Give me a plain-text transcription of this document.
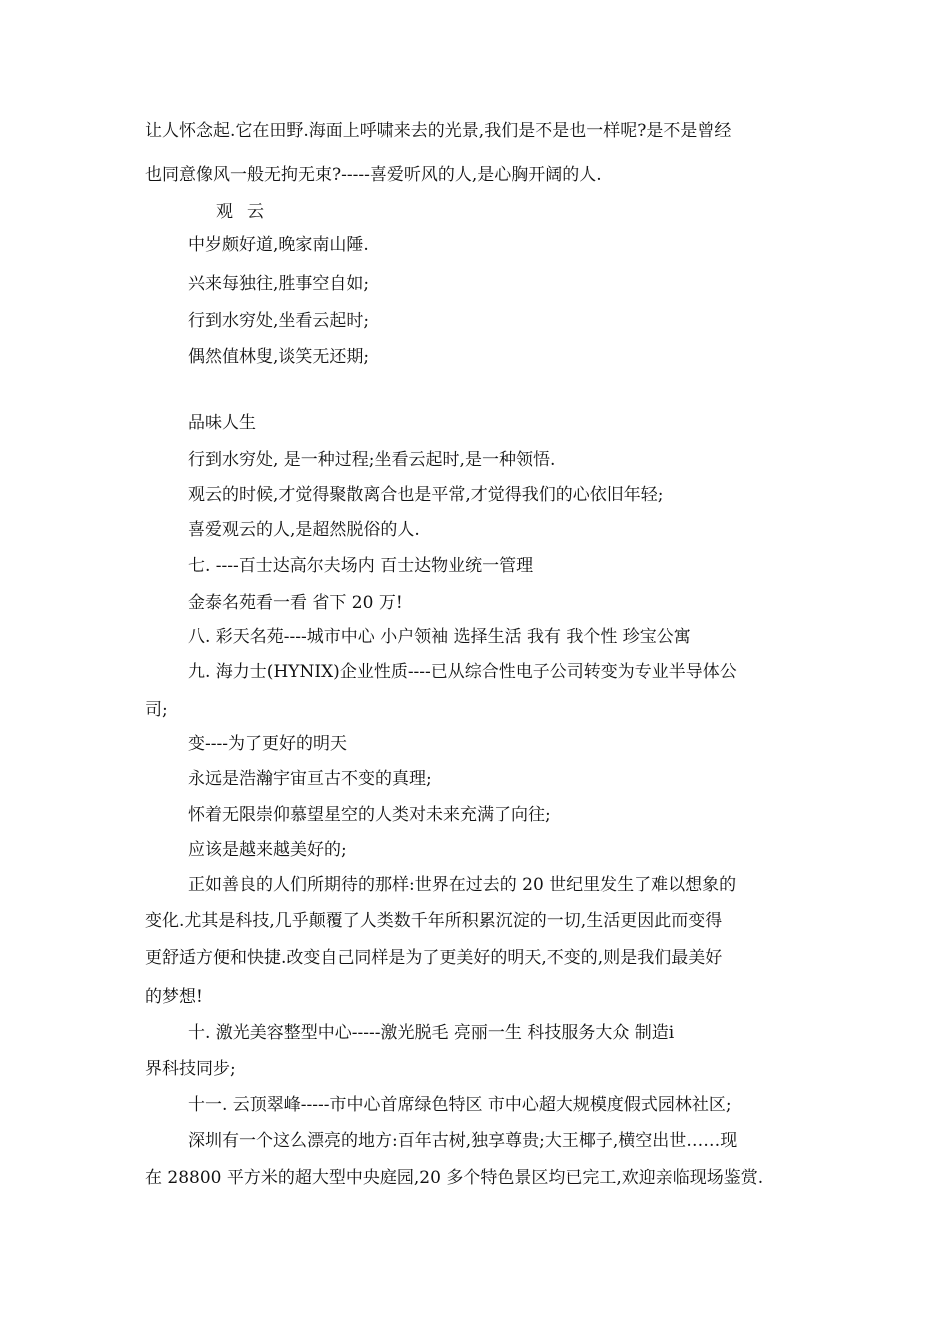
让人怀念起.它在田野.海面上呼啸来去的光景,我们是不是也一样呢?是不是曾经
也同意像风一般无拘无束?-----喜爱听风的人,是心胸开阔的人.
观云
中岁颇好道,晚家南山陲.
兴来每独往,胜事空自如;
行到水穷处,坐看云起时;
偶然值林叟,谈笑无还期;
品味人生
行到水穷处, 是一种过程;坐看云起时,是一种领悟.
观云的时候,才觉得聚散离合也是平常,才觉得我们的心依旧年轻;
喜爱观云的人,是超然脱俗的人.
七. ----百士达高尔夫场内 百士达物业统一管理
金泰名苑看一看 省下 20 万!
八. 彩天名苑----城市中心 小户领袖 选择生活 我有 我个性 珍宝公寓
九. 海力士(HYNIX)企业性质----已从综合性电子公司转变为专业半导体公
司;
变----为了更好的明天
永远是浩瀚宇宙亘古不变的真理;
怀着无限崇仰慕望星空的人类对未来充满了向往;
应该是越来越美好的;
正如善良的人们所期待的那样:世界在过去的 20 世纪里发生了难以想象的
变化.尤其是科技,几乎颠覆了人类数千年所积累沉淀的一切,生活更因此而变得
更舒适方便和快捷.改变自己同样是为了更美好的明天,不变的,则是我们最美好
的梦想!
十. 激光美容整型中心-----激光脱毛 亮丽一生 科技服务大众 制造i
界科技同步;
十一. 云顶翠峰-----市中心首席绿色特区 市中心超大规模度假式园林社区;
深圳有一个这么漂亮的地方:百年古树,独享尊贵;大王椰子,横空出世……现
在 28800 平方米的超大型中央庭园,20 多个特色景区均已完工,欢迎亲临现场鉴赏.
